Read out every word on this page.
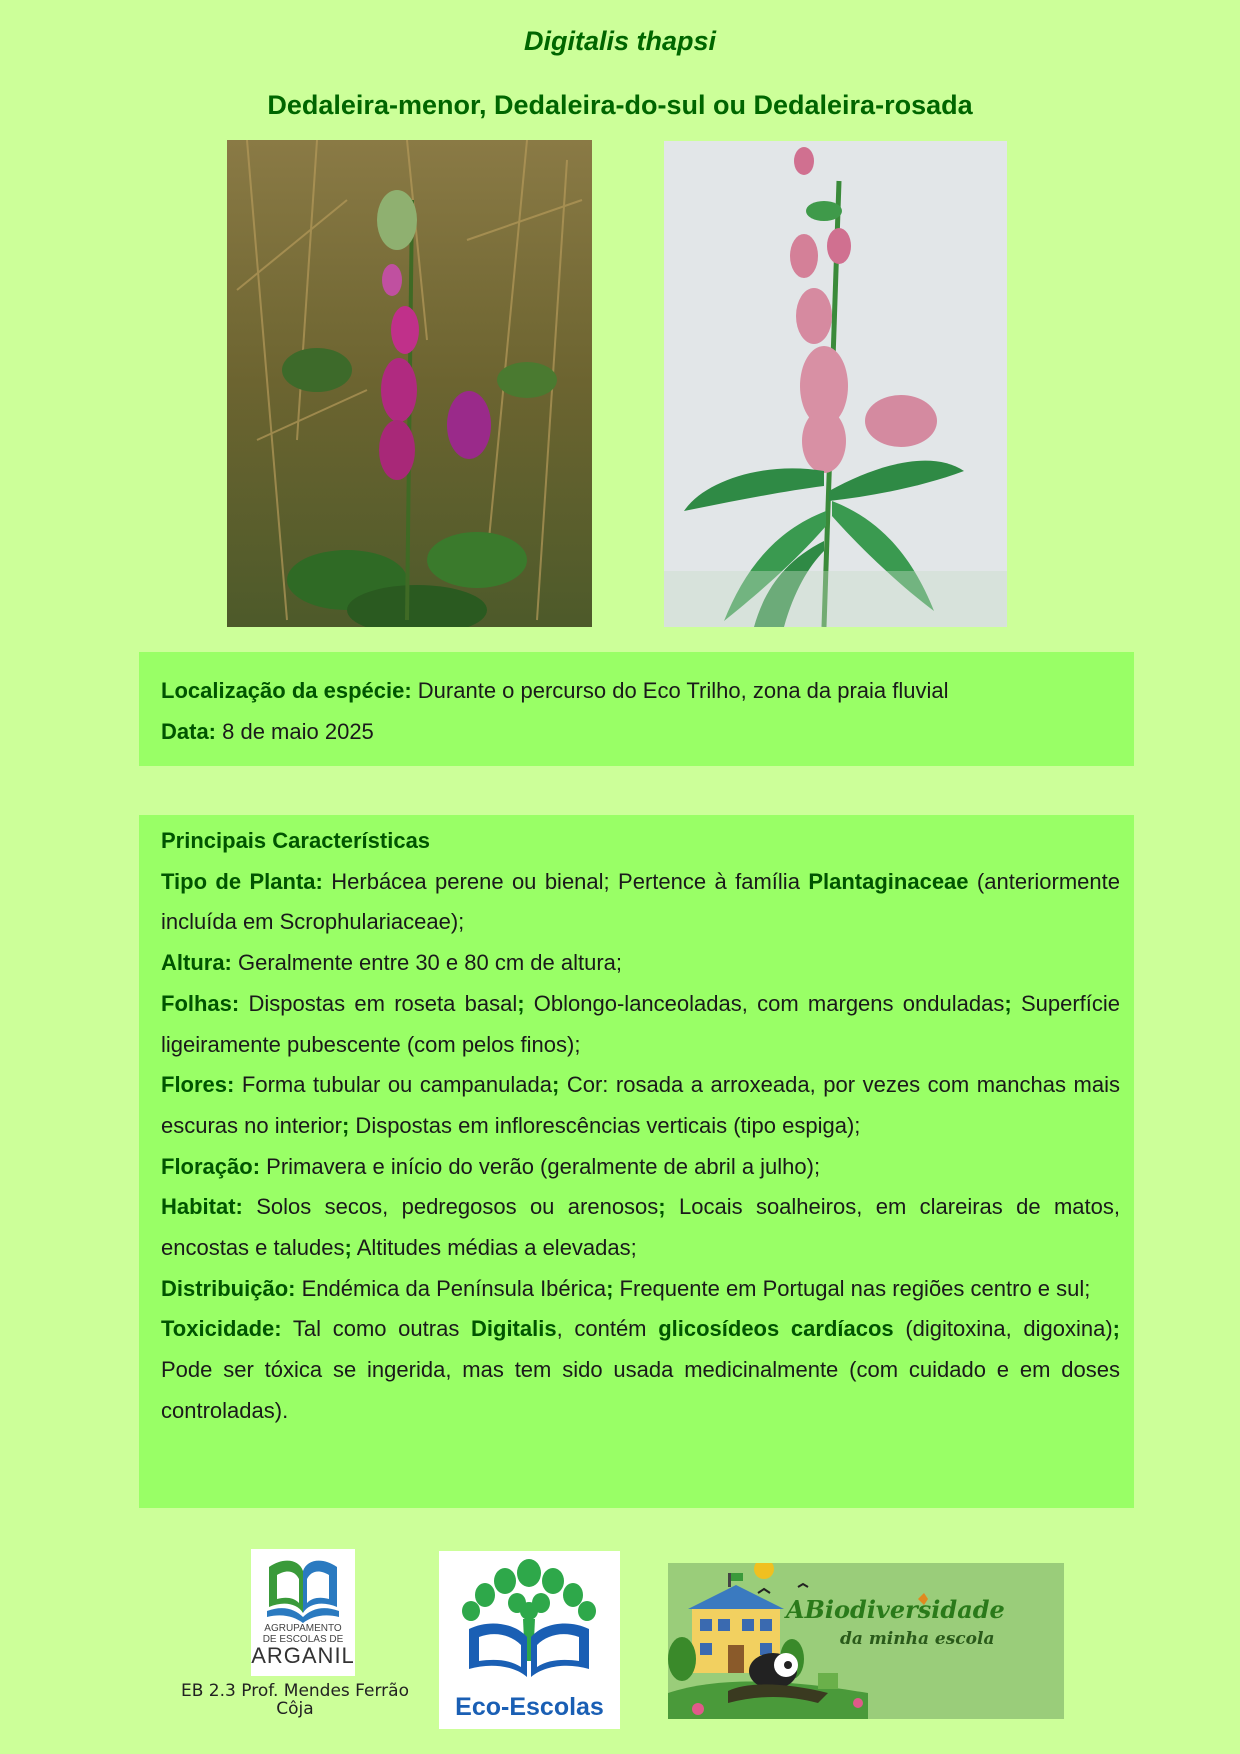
Digitalis thapsi
Dedaleira-menor, Dedaleira-do-sul ou Dedaleira-rosada

Localização da espécie: Durante o percurso do Eco Trilho, zona da praia fluvial

Data: 8 de maio 2025

Principais Características

Tipo de Planta: Herbácea perene ou bienal; Pertence à família Plantaginaceae (anteriormente incluída em Scrophulariaceae);

Altura: Geralmente entre 30 e 80 cm de altura;

Folhas: Dispostas em roseta basal; Oblongo-lanceoladas, com margens onduladas; Superfície ligeiramente pubescente (com pelos finos);

Flores: Forma tubular ou campanulada; Cor: rosada a arroxeada, por vezes com manchas mais escuras no interior; Dispostas em inflorescências verticais (tipo espiga);

Floração: Primavera e início do verão (geralmente de abril a julho);

Habitat: Solos secos, pedregosos ou arenosos; Locais soalheiros, em clareiras de matos, encostas e taludes; Altitudes médias a elevadas;

Distribuição: Endémica da Península Ibérica; Frequente em Portugal nas regiões centro e sul;

Toxicidade: Tal como outras Digitalis, contém glicosídeos cardíacos (digitoxina, digoxina); Pode ser tóxica se ingerida, mas tem sido usada medicinalmente (com cuidado e em doses controladas).

AGRUPAMENTO
DE ESCOLAS DE
ARGANIL
EB 2.3 Prof. Mendes Ferrão
Côja	Eco-Escolas
ABiodiversidade
da minha escola
